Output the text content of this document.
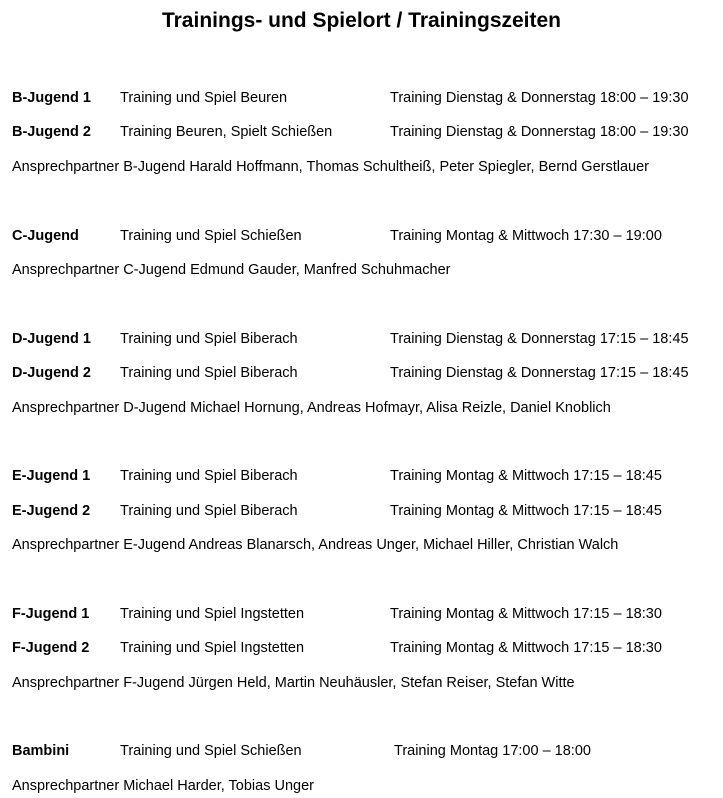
Trainings- und Spielort / Trainingszeiten
B-Jugend 1 Training und Spiel Beuren	Training Dienstag & Donnerstag 18:00 – 19:30
B-Jugend 2 Training Beuren, Spielt Schießen	Training Dienstag & Donnerstag 18:00 – 19:30
Ansprechpartner B-Jugend Harald Hoffmann, Thomas Schultheiß, Peter Spiegler, Bernd Gerstlauer
C-Jugend	Training und Spiel Schießen	Training Montag & Mittwoch 17:30 – 19:00
Ansprechpartner C-Jugend Edmund Gauder, Manfred Schuhmacher
D-Jugend 1 Training und Spiel Biberach	Training Dienstag & Donnerstag 17:15 – 18:45
D-Jugend 2 Training und Spiel Biberach	Training Dienstag & Donnerstag 17:15 – 18:45
Ansprechpartner D-Jugend Michael Hornung, Andreas Hofmayr, Alisa Reizle, Daniel Knoblich
E-Jugend 1 Training und Spiel Biberach	Training Montag & Mittwoch 17:15 – 18:45
E-Jugend 2 Training und Spiel Biberach	Training Montag & Mittwoch 17:15 – 18:45
Ansprechpartner E-Jugend Andreas Blanarsch, Andreas Unger, Michael Hiller, Christian Walch
F-Jugend 1 Training und Spiel Ingstetten	Training Montag & Mittwoch 17:15 – 18:30
F-Jugend 2 Training und Spiel Ingstetten	Training Montag & Mittwoch 17:15 – 18:30
Ansprechpartner F-Jugend Jürgen Held, Martin Neuhäusler, Stefan Reiser, Stefan Witte
Bambini	Training und Spiel Schießen	Training Montag 17:00 – 18:00
Ansprechpartner Michael Harder, Tobias Unger
